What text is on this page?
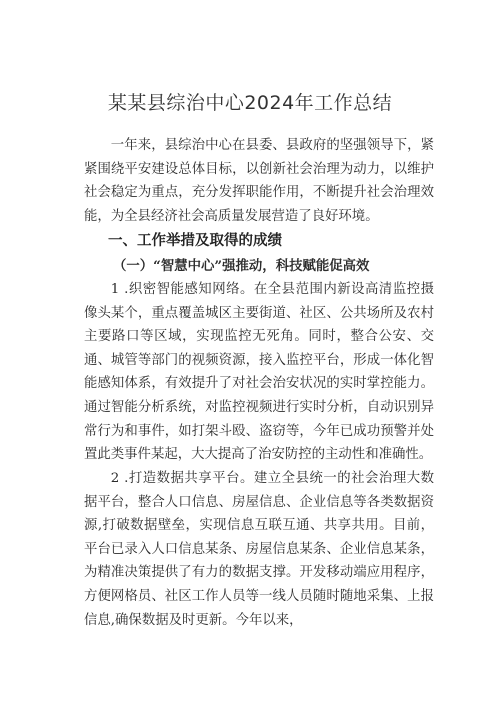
某某县综治中心2024年工作总结

一年来，县综治中心在县委、县政府的坚强领导下，紧紧围绕平安建设总体目标，以创新社会治理为动力，以维护社会稳定为重点，充分发挥职能作用，不断提升社会治理效能，为全县经济社会高质量发展营造了良好环境。

一、工作举措及取得的成绩
（一）“智慧中心”强推动，科技赋能促高效

1 .织密智能感知网络。在全县范围内新设高清监控摄像头某个，重点覆盖城区主要街道、社区、公共场所及农村主要路口等区域，实现监控无死角。同时，整合公安、交通、城管等部门的视频资源，接入监控平台，形成一体化智能感知体系，有效提升了对社会治安状况的实时掌控能力。通过智能分析系统，对监控视频进行实时分析，自动识别异常行为和事件，如打架斗殴、盗窃等，今年已成功预警并处置此类事件某起，大大提高了治安防控的主动性和准确性。

2 .打造数据共享平台。建立全县统一的社会治理大数据平台，整合人口信息、房屋信息、企业信息等各类数据资源,打破数据壁垒，实现信息互联互通、共享共用。目前，平台已录入人口信息某条、房屋信息某条、企业信息某条，为精准决策提供了有力的数据支撑。开发移动端应用程序，方便网格员、社区工作人员等一线人员随时随地采集、上报信息,确保数据及时更新。今年以来，
